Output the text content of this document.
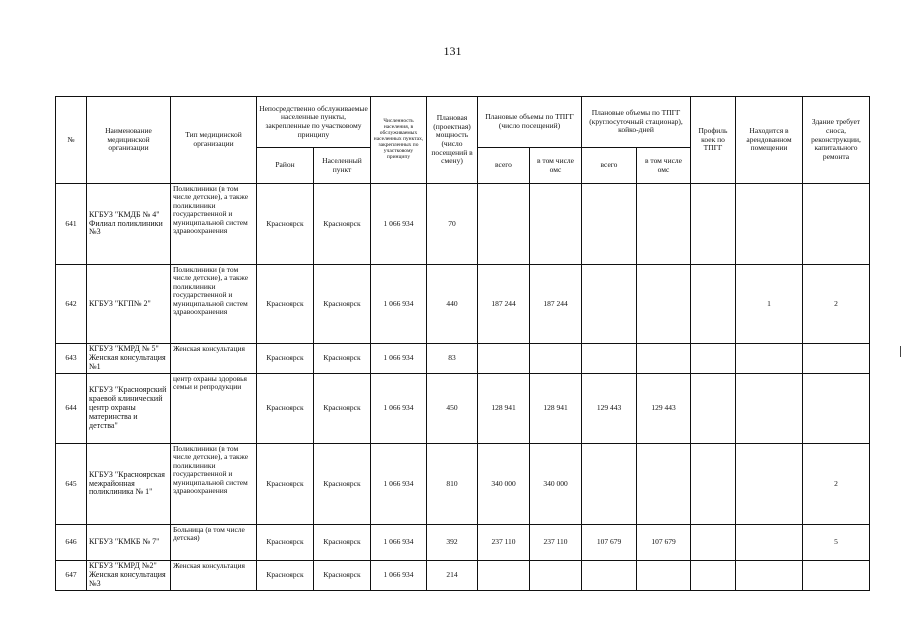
131
№	Наименование медицинской организации	Тип медицинской организации	Непосредственно обслуживаемые населенные пункты, закрепленные по участковому принципу		Численность населения, в обслуживаемых населенных пунктах, закрепленных по участковому принципу	Плановая (проектная) мощность (число посещений в смену)	Плановые объемы по ТПГГ (число посещений)		Плановые объемы по ТПГГ (круглосуточный стационар), койко-дней		Профиль коек по ТПГГ	Находится в арендованном помещении	Здание требует сноса, реконструкции, капитального ремонта
			Район	Населенный пункт			всего	в том числе омс	всего	в том числе омс			
641	КГБУЗ "КМДБ № 4" Филиал поликлиники №3	Поликлиники (в том числе детские), а также поликлиники государственной и муниципальной систем здравоохранения	Красноярск	Красноярск	1 066 934	70							
642	КГБУЗ "КГП№ 2"	Поликлиники (в том числе детские), а также поликлиники государственной и муниципальной систем здравоохранения	Красноярск	Красноярск	1 066 934	440	187 244	187 244				1	2
643	КГБУЗ "КМРД № 5" Женская консультация №1	Женская консультация	Красноярск	Красноярск	1 066 934	83							
644	КГБУЗ "Красноярский краевой клинический центр охраны материнства и детства"	центр охраны здоровья семьи и репродукции	Красноярск	Красноярск	1 066 934	450	128 941	128 941	129 443	129 443			
645	КГБУЗ "Красноярская межрайонная поликлиника № 1"	Поликлиники (в том числе детские), а также поликлиники государственной и муниципальной систем здравоохранения	Красноярск	Красноярск	1 066 934	810	340 000	340 000					2
646	КГБУЗ "КМКБ № 7"	Больница (в том числе детская)	Красноярск	Красноярск	1 066 934	392	237 110	237 110	107 679	107 679			5
647	КГБУЗ "КМРД №2" Женская консультация №3	Женская консультация	Красноярск	Красноярск	1 066 934	214							
